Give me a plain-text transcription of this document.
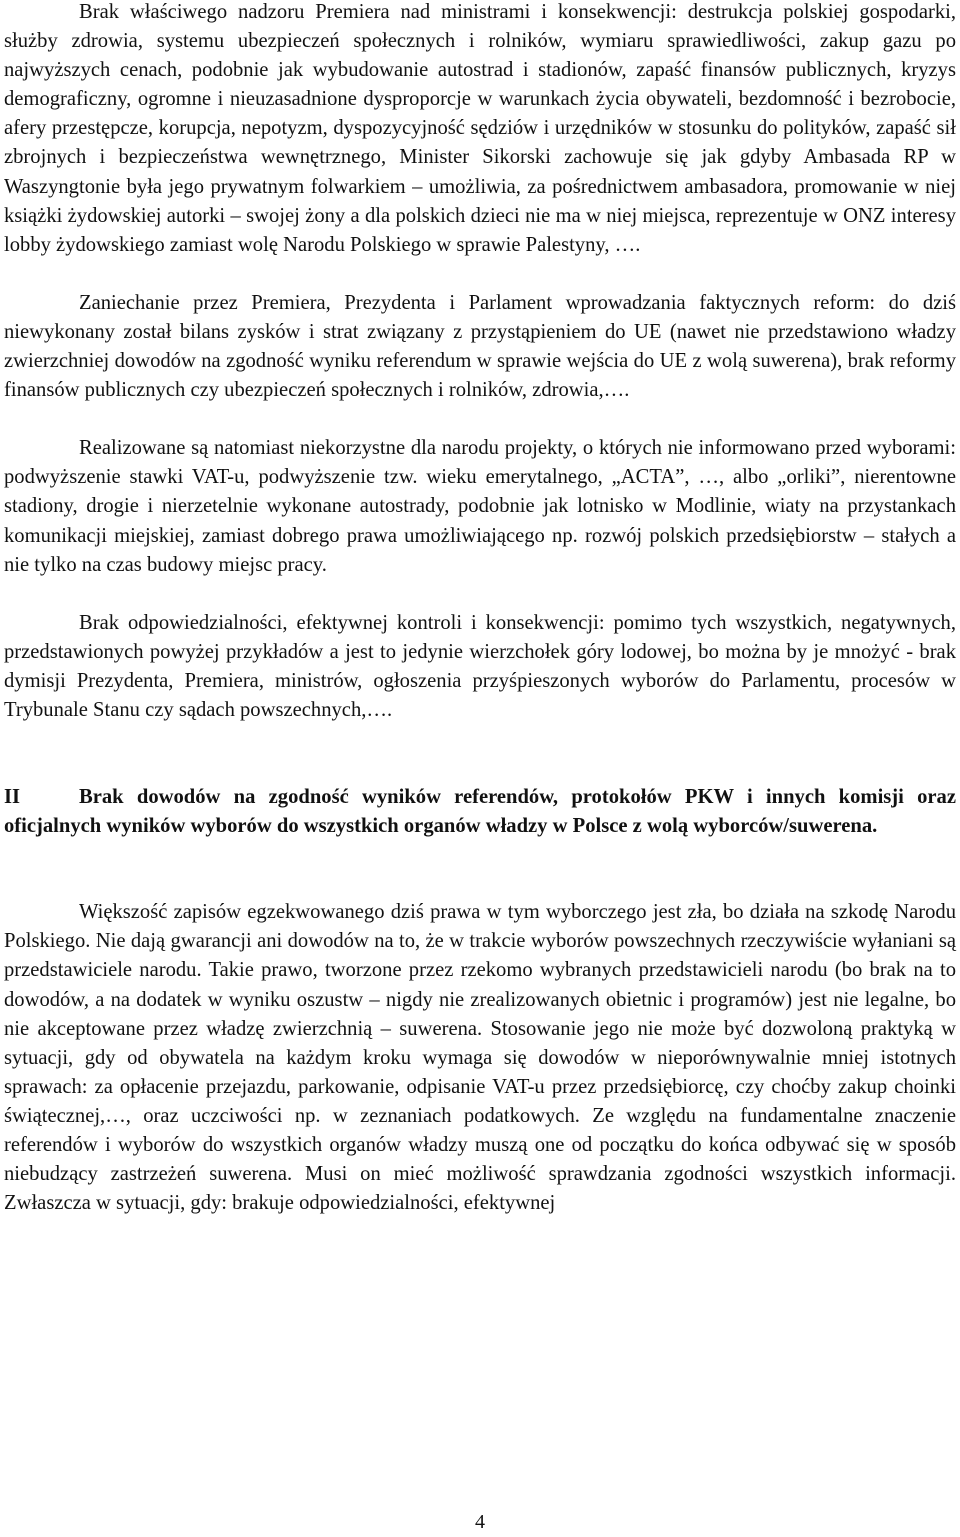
Brak właściwego nadzoru Premiera nad ministrami i konsekwencji: destrukcja polskiej gospodarki, służby zdrowia, systemu ubezpieczeń społecznych i rolników, wymiaru sprawiedliwości, zakup gazu po najwyższych cenach, podobnie jak wybudowanie autostrad i stadionów, zapaść finansów publicznych, kryzys demograficzny, ogromne i nieuzasadnione dysproporcje w warunkach życia obywateli, bezdomność i bezrobocie, afery przestępcze, korupcja, nepotyzm, dyspozycyjność sędziów i urzędników w stosunku do polityków, zapaść sił zbrojnych i bezpieczeństwa wewnętrznego, Minister Sikorski zachowuje się jak gdyby Ambasada RP w Waszyngtonie była jego prywatnym folwarkiem – umożliwia, za pośrednictwem ambasadora, promowanie w niej książki żydowskiej autorki – swojej żony a dla polskich dzieci nie ma w niej miejsca, reprezentuje w ONZ interesy lobby żydowskiego zamiast wolę Narodu Polskiego w sprawie Palestyny, ….

Zaniechanie przez Premiera, Prezydenta i Parlament wprowadzania faktycznych reform: do dziś niewykonany został bilans zysków i strat związany z przystąpieniem do UE (nawet nie przedstawiono władzy zwierzchniej dowodów na zgodność wyniku referendum w sprawie wejścia do UE z wolą suwerena), brak reformy finansów publicznych czy ubezpieczeń społecznych i rolników, zdrowia,….

Realizowane są natomiast niekorzystne dla narodu projekty, o których nie informowano przed wyborami: podwyższenie stawki VAT-u, podwyższenie tzw. wieku emerytalnego, „ACTA”, …, albo „orliki”, nierentowne stadiony, drogie i nierzetelnie wykonane autostrady, podobnie jak lotnisko w Modlinie, wiaty na przystankach komunikacji miejskiej, zamiast dobrego prawa umożliwiającego np. rozwój polskich przedsiębiorstw – stałych a nie tylko na czas budowy miejsc pracy.

Brak odpowiedzialności, efektywnej kontroli i konsekwencji: pomimo tych wszystkich, negatywnych, przedstawionych powyżej przykładów a jest to jedynie wierzchołek góry lodowej, bo można by je mnożyć - brak dymisji Prezydenta, Premiera, ministrów, ogłoszenia przyśpieszonych wyborów do Parlamentu, procesów w Trybunale Stanu czy sądach powszechnych,….

II	Brak dowodów na zgodność wyników referendów, protokołów PKW i innych komisji oraz oficjalnych wyników wyborów do wszystkich organów władzy w Polsce z wolą wyborców/suwerena.

Większość zapisów egzekwowanego dziś prawa w tym wyborczego jest zła, bo działa na szkodę Narodu Polskiego. Nie dają gwarancji ani dowodów na to, że w trakcie wyborów powszechnych rzeczywiście wyłaniani są przedstawiciele narodu. Takie prawo, tworzone przez rzekomo wybranych przedstawicieli narodu (bo brak na to dowodów, a na dodatek w wyniku oszustw – nigdy nie zrealizowanych obietnic i programów) jest nie legalne, bo nie akceptowane przez władzę zwierzchnią – suwerena. Stosowanie jego nie może być dozwoloną praktyką w sytuacji, gdy od obywatela na każdym kroku wymaga się dowodów w nieporównywalnie mniej istotnych sprawach: za opłacenie przejazdu, parkowanie, odpisanie VAT-u przez przedsiębiorcę, czy choćby zakup choinki świątecznej,…, oraz uczciwości np. w zeznaniach podatkowych. Ze względu na fundamentalne znaczenie referendów i wyborów do wszystkich organów władzy muszą one od początku do końca odbywać się w sposób niebudzący zastrzeżeń suwerena. Musi on mieć możliwość sprawdzania zgodności wszystkich informacji. Zwłaszcza w sytuacji, gdy: brakuje odpowiedzialności, efektywnej

4
